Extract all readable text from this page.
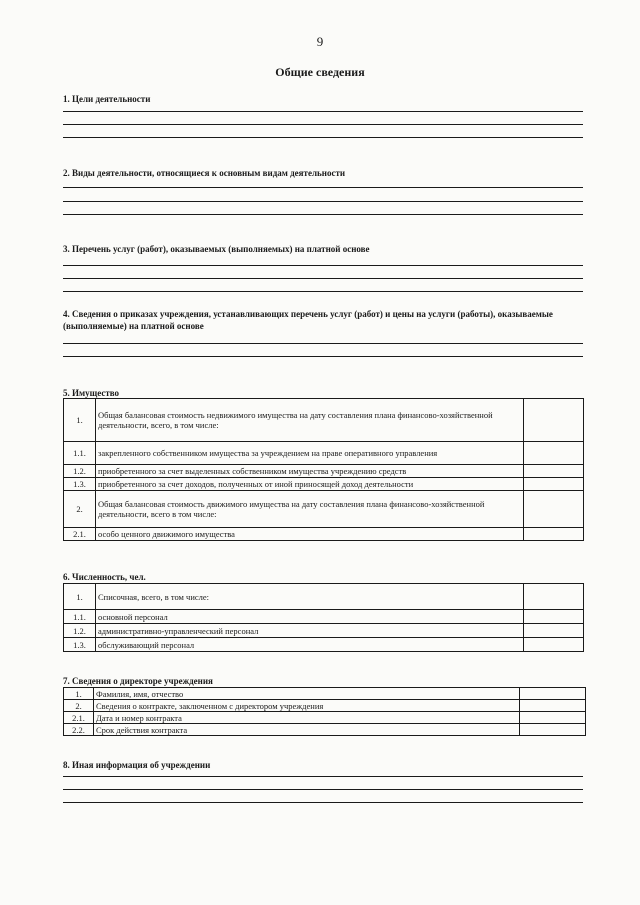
9
Общие сведения
1. Цели деятельности
2. Виды деятельности, относящиеся к основным видам деятельности
3. Перечень услуг (работ), оказываемых (выполняемых) на платной основе
4. Сведения о приказах учреждения, устанавливающих перечень услуг (работ) и цены на услуги (работы), оказываемые (выполняемые) на платной основе
5. Имущество
1.	Общая балансовая стоимость недвижимого имущества на дату составления плана финансово-хозяйственной деятельности, всего, в том числе:	
1.1.	закрепленного собственником имущества за учреждением на праве оперативного управления	
1.2.	приобретенного за счет выделенных собственником имущества учреждению средств	
1.3.	приобретенного за счет доходов, полученных от иной приносящей доход деятельности	
2.	Общая балансовая стоимость движимого имущества на дату составления плана финансово-хозяйственной деятельности, всего в том числе:	
2.1.	особо ценного движимого имущества	
6. Численность, чел.
1.	Списочная, всего, в том числе:	
1.1.	основной персонал	
1.2.	административно-управленческий персонал	
1.3.	обслуживающий персонал	
7. Сведения о директоре учреждения
1.	Фамилия, имя, отчество	
2.	Сведения о контракте, заключенном с директором учреждения	
2.1.	Дата и номер контракта	
2.2.	Срок действия контракта	
8. Иная информация об учреждении
